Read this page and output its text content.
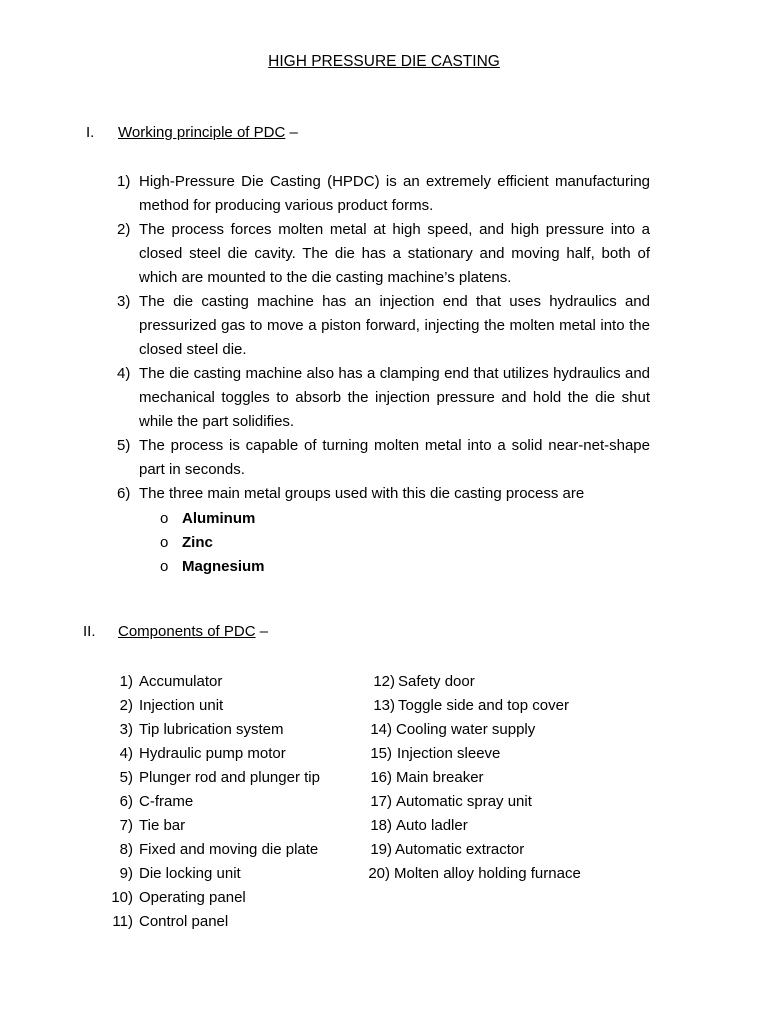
HIGH PRESSURE DIE CASTING
I. Working principle of PDC –
1) High-Pressure Die Casting (HPDC) is an extremely efficient manufacturing method for producing various product forms.
2) The process forces molten metal at high speed, and high pressure into a closed steel die cavity. The die has a stationary and moving half, both of which are mounted to the die casting machine’s platens.
3) The die casting machine has an injection end that uses hydraulics and pressurized gas to move a piston forward, injecting the molten metal into the closed steel die.
4) The die casting machine also has a clamping end that utilizes hydraulics and mechanical toggles to absorb the injection pressure and hold the die shut while the part solidifies.
5) The process is capable of turning molten metal into a solid near-net-shape part in seconds.
6) The three main metal groups used with this die casting process are
o Aluminum
o Zinc
o Magnesium
II. Components of PDC –
1) Accumulator
2) Injection unit
3) Tip lubrication system
4) Hydraulic pump motor
5) Plunger rod and plunger tip
6) C-frame
7) Tie bar
8) Fixed and moving die plate
9) Die locking unit
10) Operating panel
11) Control panel
12) Safety door
13) Toggle side and top cover
14) Cooling water supply
15) Injection sleeve
16) Main breaker
17) Automatic spray unit
18) Auto ladler
19) Automatic extractor
20) Molten alloy holding furnace
